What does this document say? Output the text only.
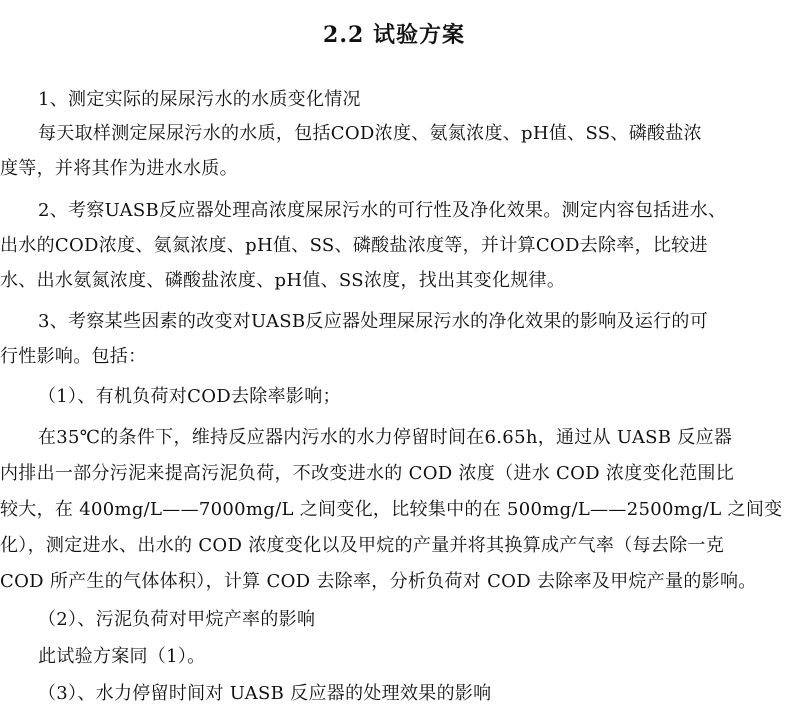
2.2 试验方案
1、测定实际的屎尿污水的水质变化情况
每天取样测定屎尿污水的水质，包括COD浓度、氨氮浓度、pH值、SS、磷酸盐浓
度等，并将其作为进水水质。
2、考察UASB反应器处理高浓度屎尿污水的可行性及净化效果。测定内容包括进水、
出水的COD浓度、氨氮浓度、pH值、SS、磷酸盐浓度等，并计算COD去除率，比较进
水、出水氨氮浓度、磷酸盐浓度、pH值、SS浓度，找出其变化规律。
3、考察某些因素的改变对UASB反应器处理屎尿污水的净化效果的影响及运行的可
行性影响。包括：
（1）、有机负荷对COD去除率影响；
在35℃的条件下，维持反应器内污水的水力停留时间在6.65h，通过从 UASB 反应器
内排出一部分污泥来提高污泥负荷，不改变进水的 COD 浓度（进水 COD 浓度变化范围比
较大，在 400mg/L——7000mg/L 之间变化，比较集中的在 500mg/L——2500mg/L 之间变
化），测定进水、出水的 COD 浓度变化以及甲烷的产量并将其换算成产气率（每去除一克
COD 所产生的气体体积），计算 COD 去除率，分析负荷对 COD 去除率及甲烷产量的影响。
（2）、污泥负荷对甲烷产率的影响
此试验方案同（1）。
（3）、水力停留时间对 UASB 反应器的处理效果的影响
